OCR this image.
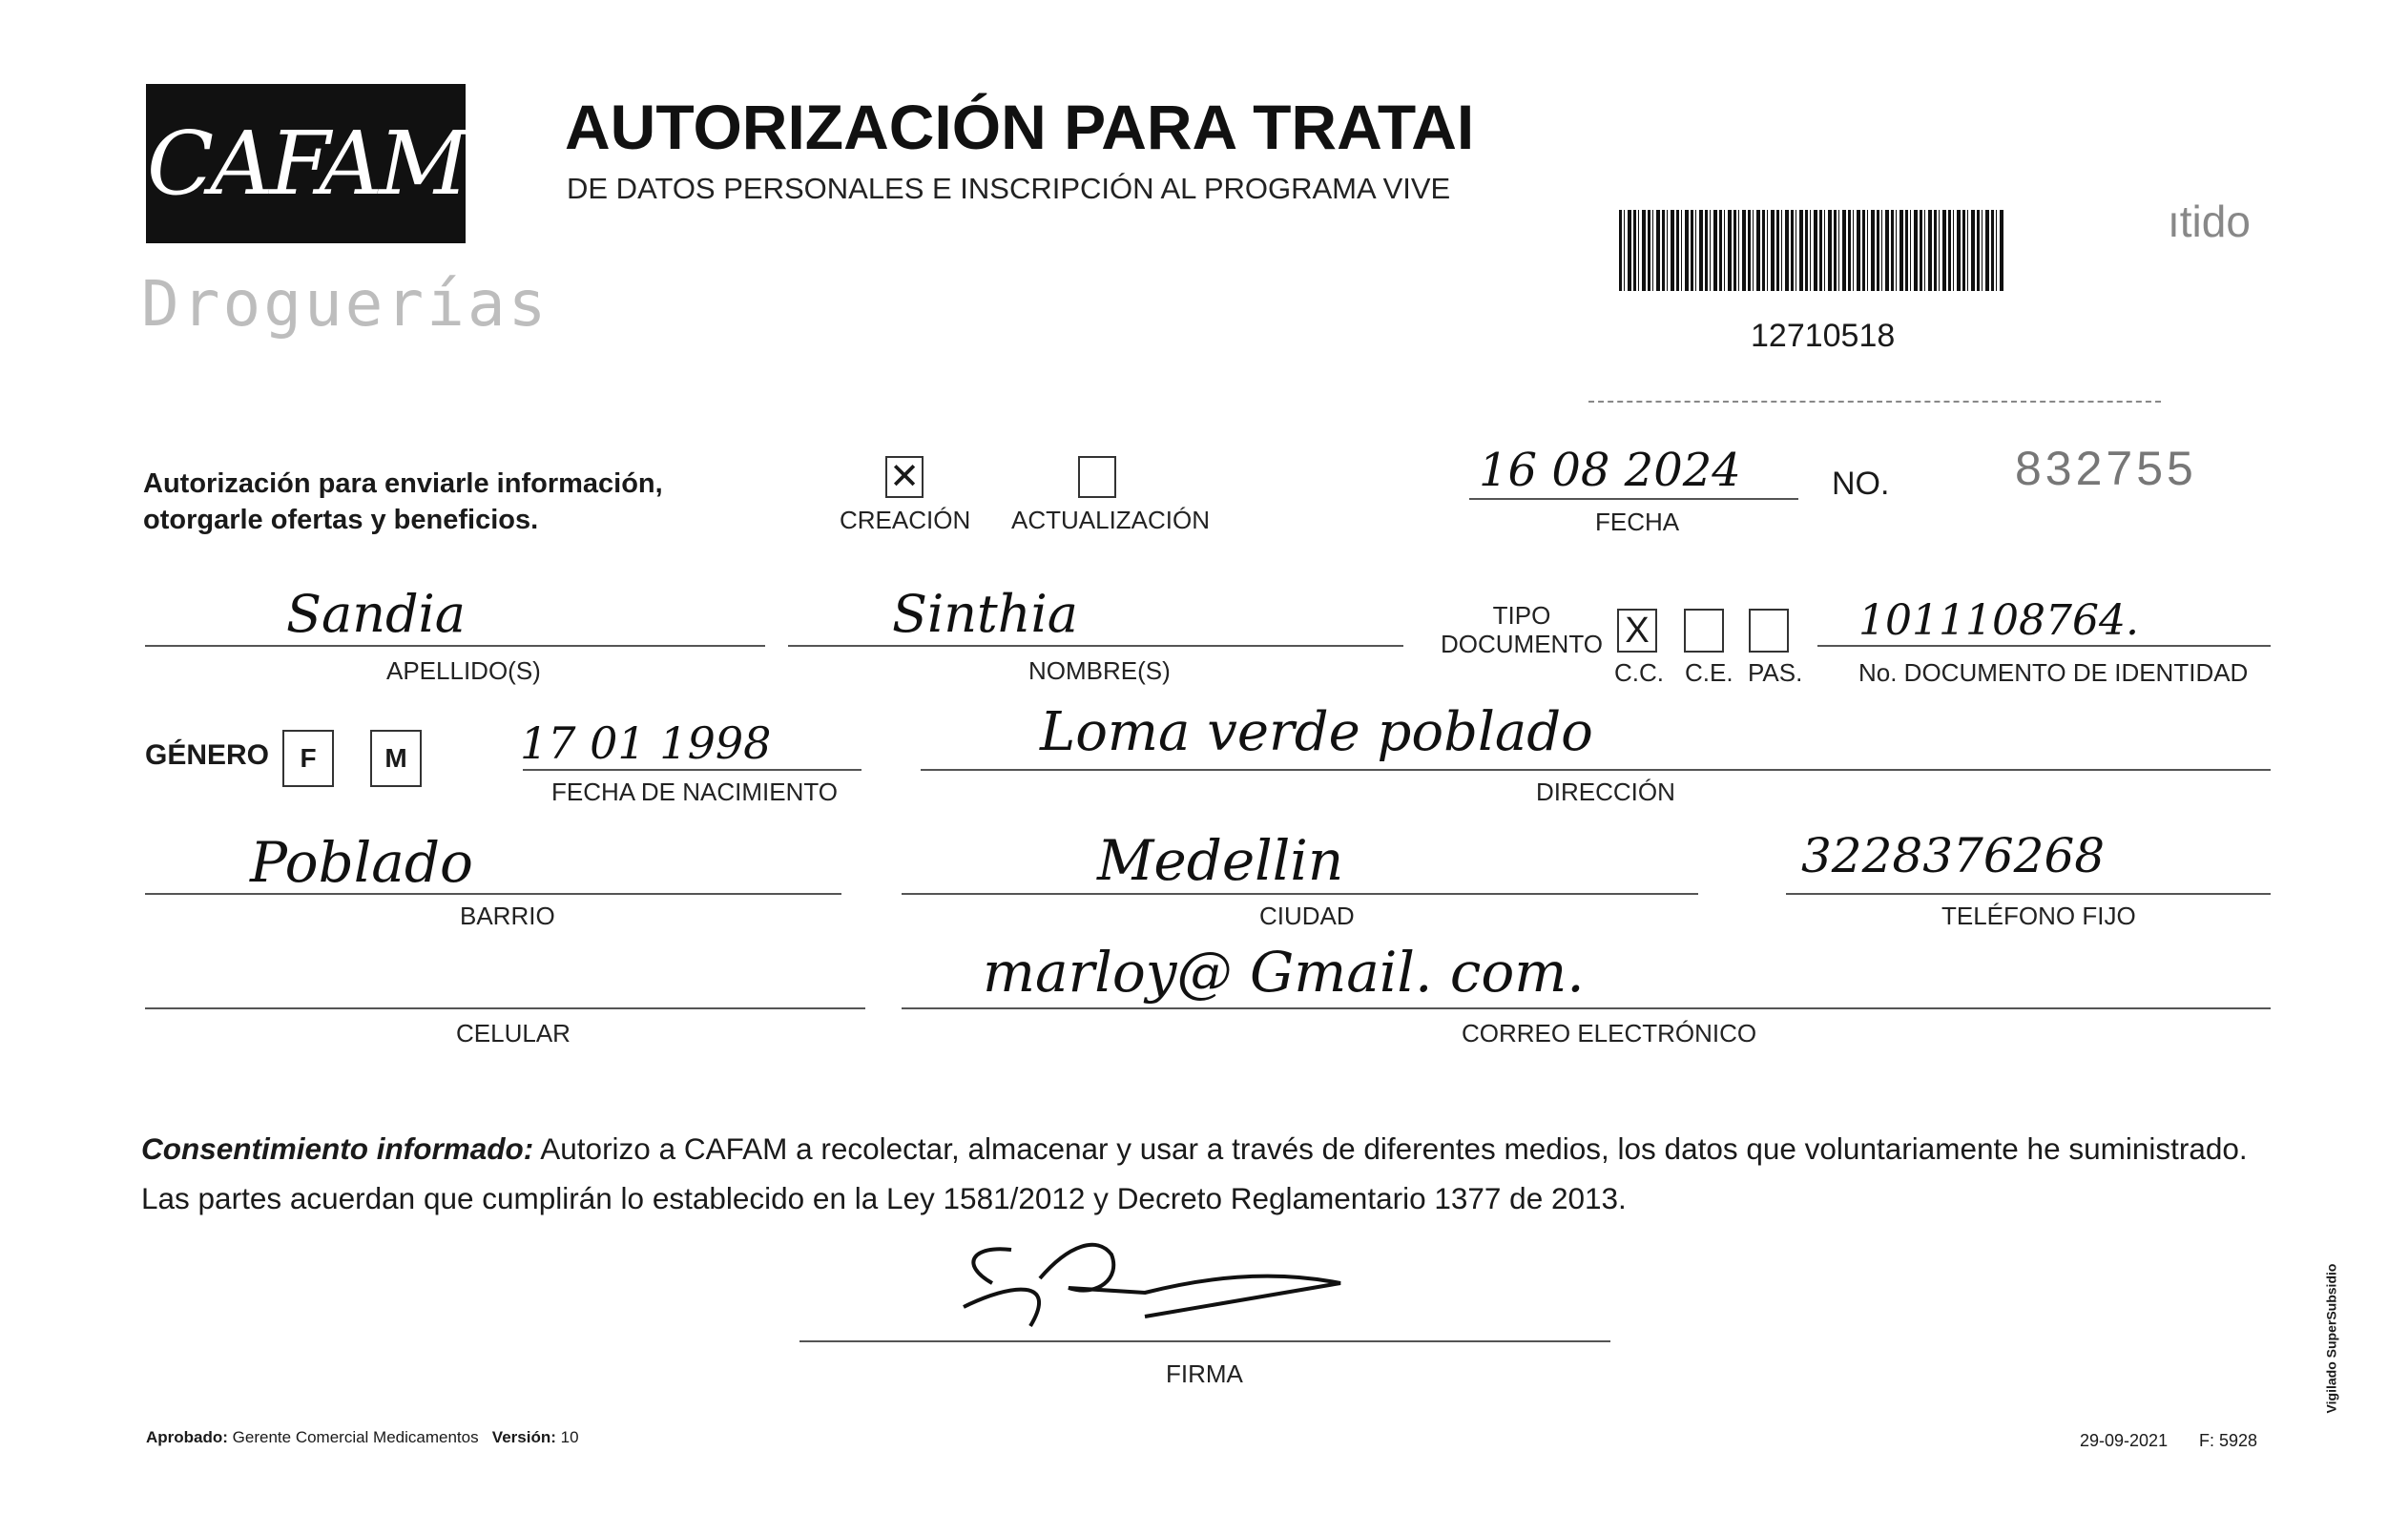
CAFAM
Droguerías
AUTORIZACIÓN PARA TRATAI
DE DATOS PERSONALES E INSCRIPCIÓN AL PROGRAMA VIVE
ıtido
12710518
Autorización para enviarle información,
otorgarle ofertas y beneficios.
✕
CREACIÓN ACTUALIZACIÓN
16 08 2024
FECHA
NO.	832755
Sandia
APELLIDO(S)
Sinthia
NOMBRE(S)
TIPO
DOCUMENTO X
C.C. C.E. PAS.
1011108764.
No. DOCUMENTO DE IDENTIDAD
GÉNERO	F	M	17 01 1998
FECHA DE NACIMIENTO
Loma verde poblado
DIRECCIÓN
Poblado
BARRIO
Medellin
CIUDAD
3228376268
TELÉFONO FIJO
CELULAR
marloy@ Gmail. com.
CORREO ELECTRÓNICO
Consentimiento informado: Autorizo a CAFAM a recolectar, almacenar y usar a través de diferentes medios, los datos que voluntariamente he suministrado.
Las partes acuerdan que cumplirán lo establecido en la Ley 1581/2012 y Decreto Reglamentario 1377 de 2013.
FIRMA
Aprobado: Gerente Comercial Medicamentos Versión: 10	29-09-2021 F: 5928
Vigilado SuperSubsidio
